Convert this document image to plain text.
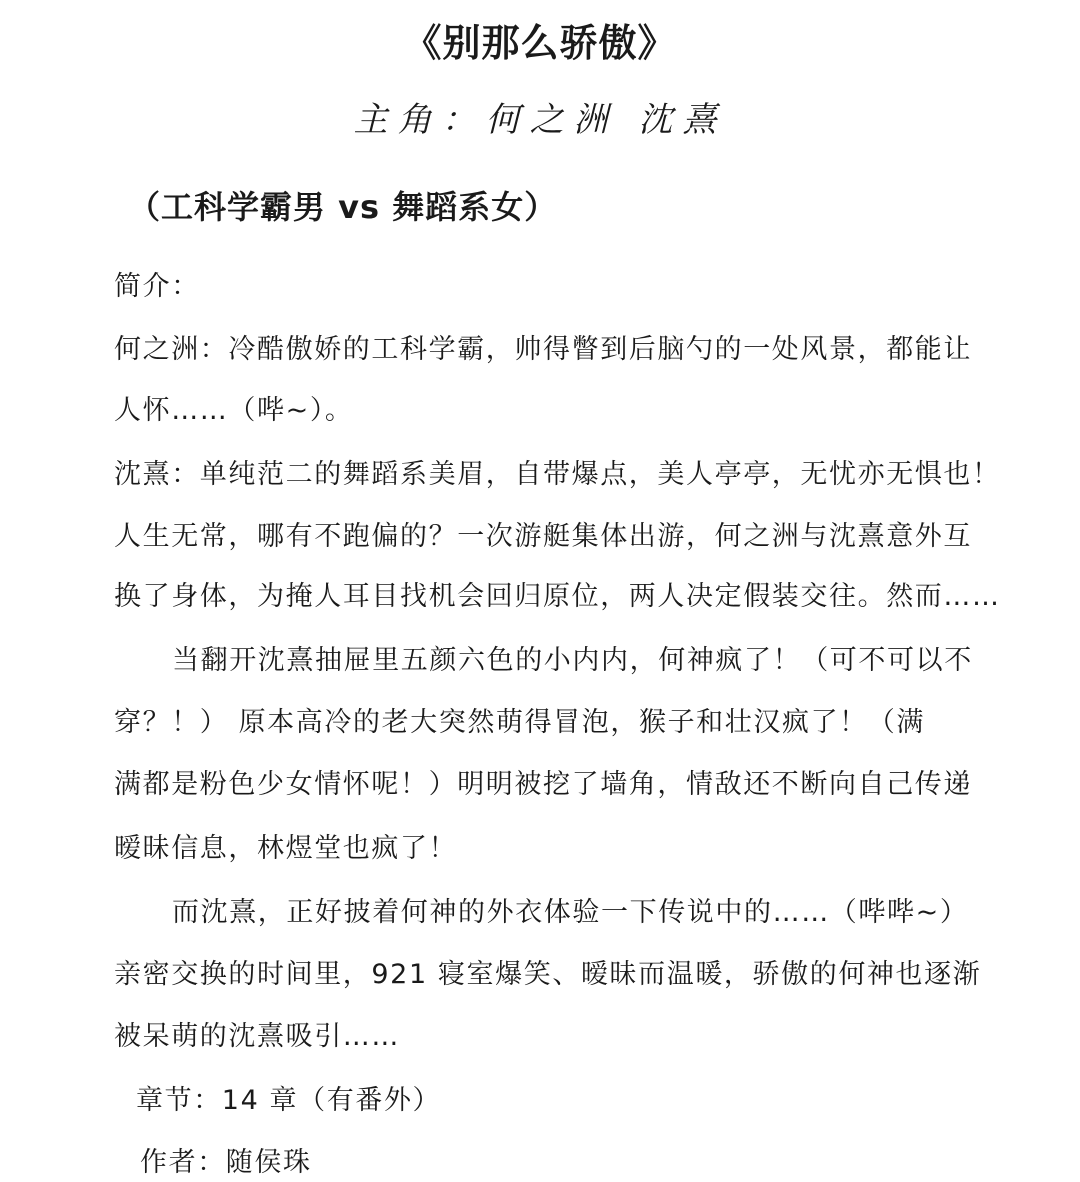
《别那么骄傲》
主角：何之洲 沈熹
（工科学霸男 vs 舞蹈系女）
简介：
何之洲：冷酷傲娇的工科学霸，帅得瞥到后脑勺的一处风景，都能让
人怀……（哔~）。
沈熹：单纯范二的舞蹈系美眉，自带爆点，美人亭亭，无忧亦无惧也！
人生无常，哪有不跑偏的？一次游艇集体出游，何之洲与沈熹意外互
换了身体，为掩人耳目找机会回归原位，两人决定假装交往。然而……
当翻开沈熹抽屉里五颜六色的小内内，何神疯了！（可不可以不
穿？！） 原本高冷的老大突然萌得冒泡，猴子和壮汉疯了！（满
满都是粉色少女情怀呢！）明明被挖了墙角，情敌还不断向自己传递
暧昧信息，林煜堂也疯了！
而沈熹，正好披着何神的外衣体验一下传说中的……（哔哔~）
亲密交换的时间里，921 寝室爆笑、暧昧而温暖，骄傲的何神也逐渐
被呆萌的沈熹吸引……
章节：14 章（有番外）
作者：随侯珠
